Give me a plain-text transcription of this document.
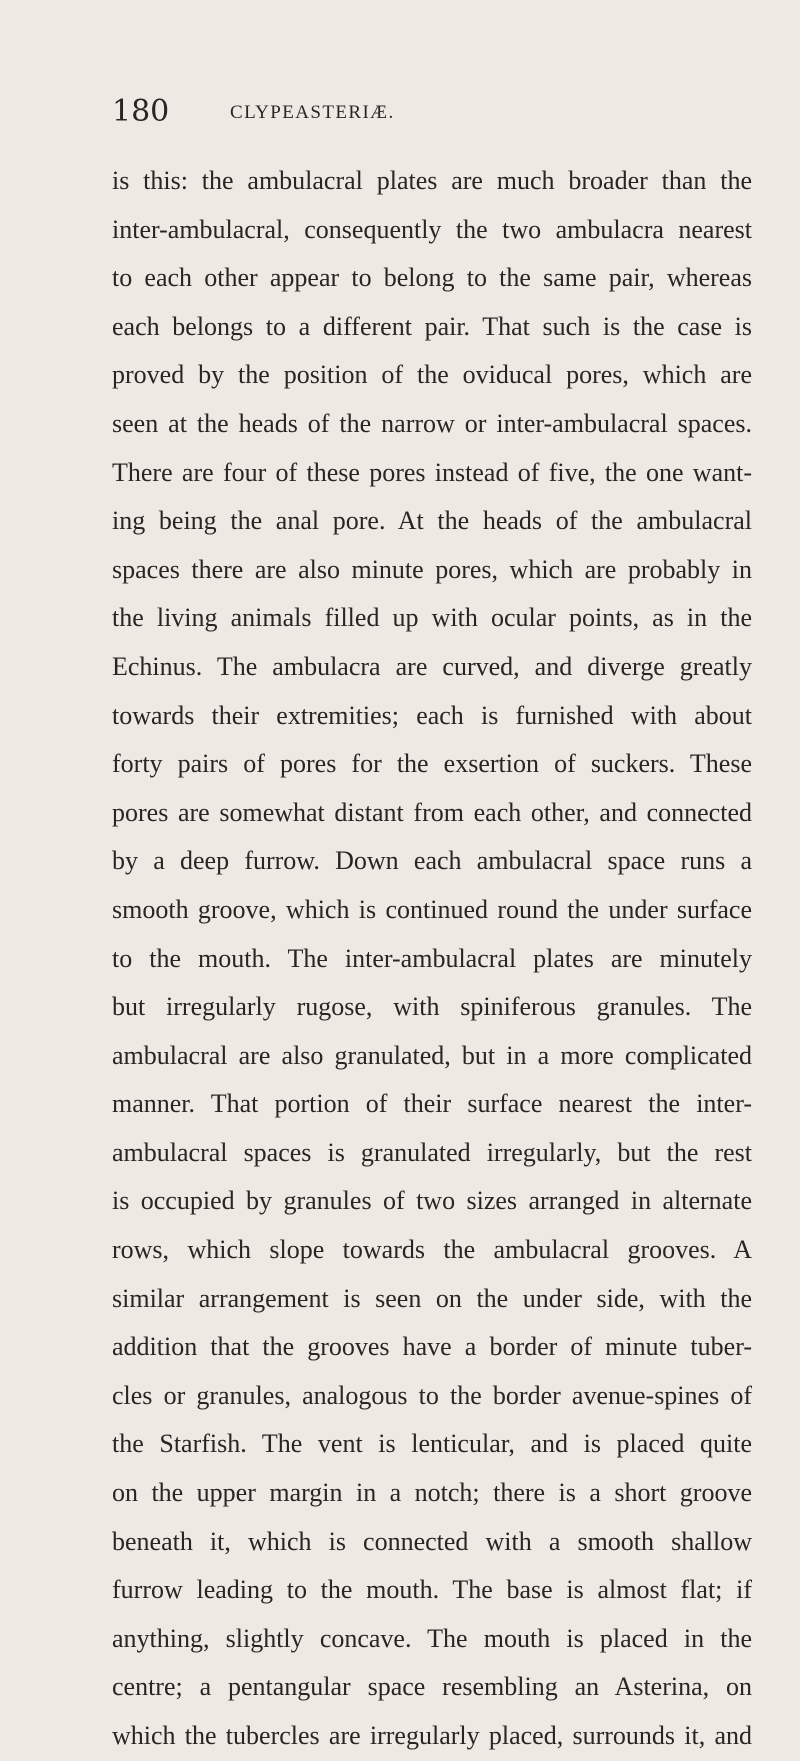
180	CLYPEASTERIÆ.
is this: the ambulacral plates are much broader than the
inter-ambulacral, consequently the two ambulacra nearest
to each other appear to belong to the same pair, whereas
each belongs to a different pair. That such is the case is
proved by the position of the oviducal pores, which are
seen at the heads of the narrow or inter-ambulacral spaces.
There are four of these pores instead of five, the one want-
ing being the anal pore. At the heads of the ambulacral
spaces there are also minute pores, which are probably in
the living animals filled up with ocular points, as in the
Echinus. The ambulacra are curved, and diverge greatly
towards their extremities; each is furnished with about
forty pairs of pores for the exsertion of suckers. These
pores are somewhat distant from each other, and connected
by a deep furrow. Down each ambulacral space runs a
smooth groove, which is continued round the under surface
to the mouth. The inter-ambulacral plates are minutely
but irregularly rugose, with spiniferous granules. The
ambulacral are also granulated, but in a more complicated
manner. That portion of their surface nearest the inter-
ambulacral spaces is granulated irregularly, but the rest
is occupied by granules of two sizes arranged in alternate
rows, which slope towards the ambulacral grooves. A
similar arrangement is seen on the under side, with the
addition that the grooves have a border of minute tuber-
cles or granules, analogous to the border avenue-spines of
the Starfish. The vent is lenticular, and is placed quite
on the upper margin in a notch; there is a short groove
beneath it, which is connected with a smooth shallow
furrow leading to the mouth. The base is almost flat; if
anything, slightly concave. The mouth is placed in the
centre; a pentangular space resembling an Asterina, on
which the tubercles are irregularly placed, surrounds it, and
